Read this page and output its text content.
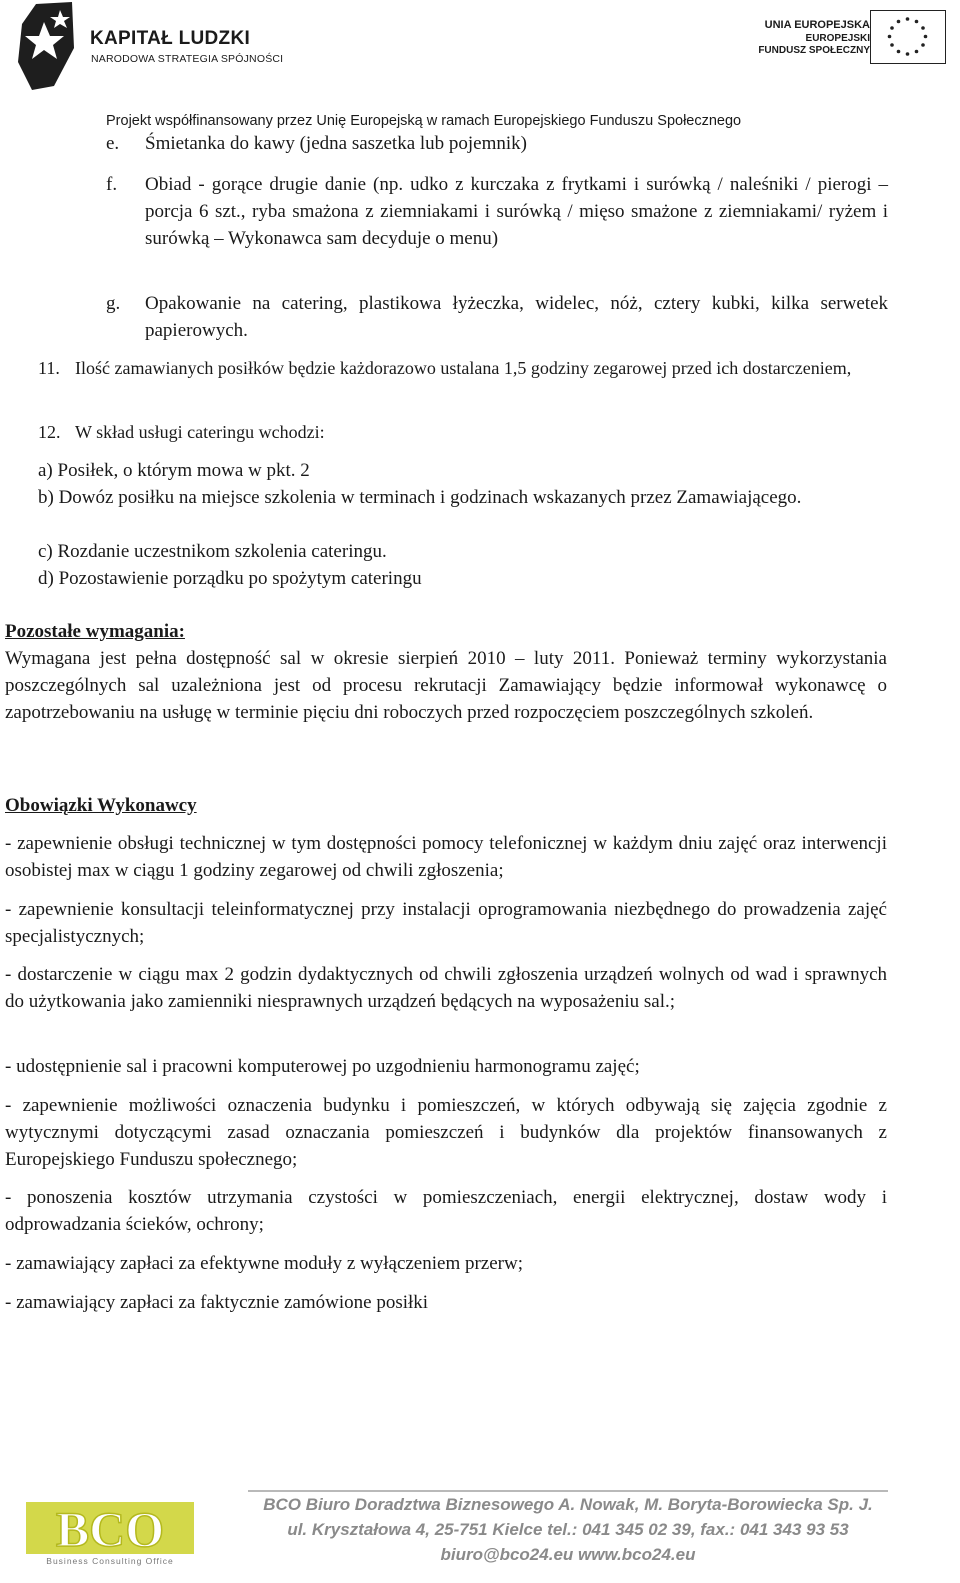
KAPITAŁ LUDZKI
NARODOWA STRATEGIA SPÓJNOŚCI
UNIA EUROPEJSKA
EUROPEJSKI
FUNDUSZ SPOŁECZNY
Projekt współfinansowany przez Unię Europejską w ramach Europejskiego Funduszu Społecznego
e. Śmietanka do kawy (jedna saszetka lub pojemnik)
f. Obiad - gorące drugie danie (np. udko z kurczaka z frytkami i surówką / naleśniki / pierogi – porcja 6 szt., ryba smażona z ziemniakami i surówką / mięso smażone z ziemniakami/ ryżem i surówką – Wykonawca sam decyduje o menu)
g. Opakowanie na catering, plastikowa łyżeczka, widelec, nóż, cztery kubki, kilka serwetek papierowych.
11. Ilość zamawianych posiłków będzie każdorazowo ustalana 1,5 godziny zegarowej przed ich dostarczeniem,
12. W skład usługi cateringu wchodzi:
a) Posiłek, o którym mowa w pkt. 2
b) Dowóz posiłku na miejsce szkolenia w terminach i godzinach wskazanych przez Zamawiającego.
c) Rozdanie uczestnikom szkolenia cateringu.
d) Pozostawienie porządku po spożytym cateringu
Pozostałe wymagania:
Wymagana jest pełna dostępność sal w okresie sierpień 2010 – luty 2011. Ponieważ terminy wykorzystania poszczególnych sal uzależniona jest od procesu rekrutacji Zamawiający będzie informował wykonawcę o zapotrzebowaniu na usługę w terminie pięciu dni roboczych przed rozpoczęciem poszczególnych szkoleń.
Obowiązki Wykonawcy
- zapewnienie obsługi technicznej w tym dostępności pomocy telefonicznej w każdym dniu zajęć oraz interwencji osobistej max w ciągu 1 godziny zegarowej od chwili zgłoszenia;
- zapewnienie konsultacji teleinformatycznej przy instalacji oprogramowania niezbędnego do prowadzenia zajęć specjalistycznych;
- dostarczenie w ciągu max 2 godzin dydaktycznych od chwili zgłoszenia urządzeń wolnych od wad i sprawnych do użytkowania jako zamienniki niesprawnych urządzeń będących na wyposażeniu sal.;
- udostępnienie sal i pracowni komputerowej po uzgodnieniu harmonogramu zajęć;
- zapewnienie możliwości oznaczenia budynku i pomieszczeń, w których odbywają się zajęcia zgodnie z wytycznymi dotyczącymi zasad oznaczania pomieszczeń i budynków dla projektów finansowanych z Europejskiego Funduszu społecznego;
- ponoszenia kosztów utrzymania czystości w pomieszczeniach, energii elektrycznej, dostaw wody i odprowadzania ścieków, ochrony;
- zamawiający zapłaci za efektywne moduły z wyłączeniem przerw;
- zamawiający zapłaci za faktycznie zamówione posiłki
BCO
Business Consulting Office
BCO Biuro Doradztwa Biznesowego A. Nowak, M. Boryta-Borowiecka Sp. J.
ul. Kryształowa 4, 25-751 Kielce tel.: 041 345 02 39, fax.: 041 343 93 53
biuro@bco24.eu www.bco24.eu
